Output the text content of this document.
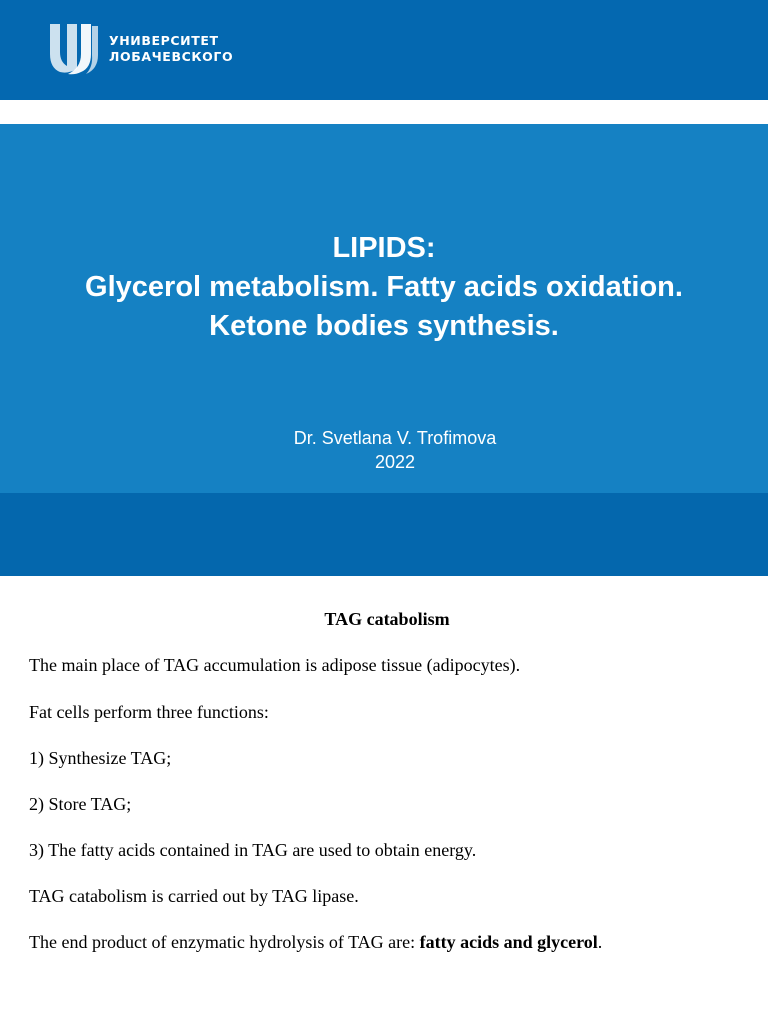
УНИВЕРСИТЕТ
ЛОБАЧЕВСКОГО
LIPIDS:
Glycerol metabolism. Fatty acids oxidation.
Ketone bodies synthesis.
Dr. Svetlana V. Trofimova
2022
TAG catabolism

The main place of TAG accumulation is adipose tissue (adipocytes).

Fat cells perform three functions:

1) Synthesize TAG;

2) Store TAG;

3) The fatty acids contained in TAG are used to obtain energy.

TAG catabolism is carried out by TAG lipase.

The end product of enzymatic hydrolysis of TAG are: fatty acids and glycerol.
